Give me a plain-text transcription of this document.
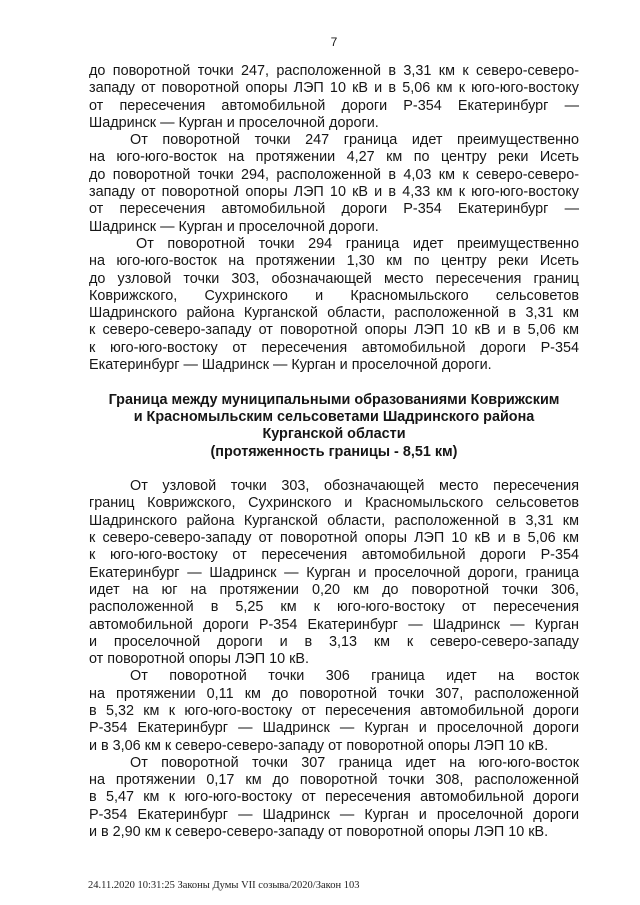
7
до поворотной точки 247, расположенной в 3,31 км к северо-северо-
западу от поворотной опоры ЛЭП 10 кВ и в 5,06 км к юго-юго-востоку
от пересечения автомобильной дороги Р-354 Екатеринбург —
Шадринск — Курган и проселочной дороги.
От поворотной точки 247 граница идет преимущественно
на юго-юго-восток на протяжении 4,27 км по центру реки Исеть
до поворотной точки 294, расположенной в 4,03 км к северо-северо-
западу от поворотной опоры ЛЭП 10 кВ и в 4,33 км к юго-юго-востоку
от пересечения автомобильной дороги Р-354 Екатеринбург —
Шадринск — Курган и проселочной дороги.
От поворотной точки 294 граница идет преимущественно
на юго-юго-восток на протяжении 1,30 км по центру реки Исеть
до узловой точки 303, обозначающей место пересечения границ
Коврижского, Сухринского и Красномыльского сельсоветов
Шадринского района Курганской области, расположенной в 3,31 км
к северо-северо-западу от поворотной опоры ЛЭП 10 кВ и в 5,06 км
к юго-юго-востоку от пересечения автомобильной дороги Р-354
Екатеринбург — Шадринск — Курган и проселочной дороги.
Граница между муниципальными образованиями Коврижским
и Красномыльским сельсоветами Шадринского района
Курганской области
(протяженность границы - 8,51 км)
От узловой точки 303, обозначающей место пересечения
границ Коврижского, Сухринского и Красномыльского сельсоветов
Шадринского района Курганской области, расположенной в 3,31 км
к северо-северо-западу от поворотной опоры ЛЭП 10 кВ и в 5,06 км
к юго-юго-востоку от пересечения автомобильной дороги Р-354
Екатеринбург — Шадринск — Курган и проселочной дороги, граница
идет на юг на протяжении 0,20 км до поворотной точки 306,
расположенной в 5,25 км к юго-юго-востоку от пересечения
автомобильной дороги Р-354 Екатеринбург — Шадринск — Курган
и проселочной дороги и в 3,13 км к северо-северо-западу
от поворотной опоры ЛЭП 10 кВ.
От поворотной точки 306 граница идет на восток
на протяжении 0,11 км до поворотной точки 307, расположенной
в 5,32 км к юго-юго-востоку от пересечения автомобильной дороги
Р-354 Екатеринбург — Шадринск — Курган и проселочной дороги
и в 3,06 км к северо-северо-западу от поворотной опоры ЛЭП 10 кВ.
От поворотной точки 307 граница идет на юго-юго-восток
на протяжении 0,17 км до поворотной точки 308, расположенной
в 5,47 км к юго-юго-востоку от пересечения автомобильной дороги
Р-354 Екатеринбург — Шадринск — Курган и проселочной дороги
и в 2,90 км к северо-северо-западу от поворотной опоры ЛЭП 10 кВ.
24.11.2020 10:31:25 Законы Думы VII созыва/2020/Закон 103
